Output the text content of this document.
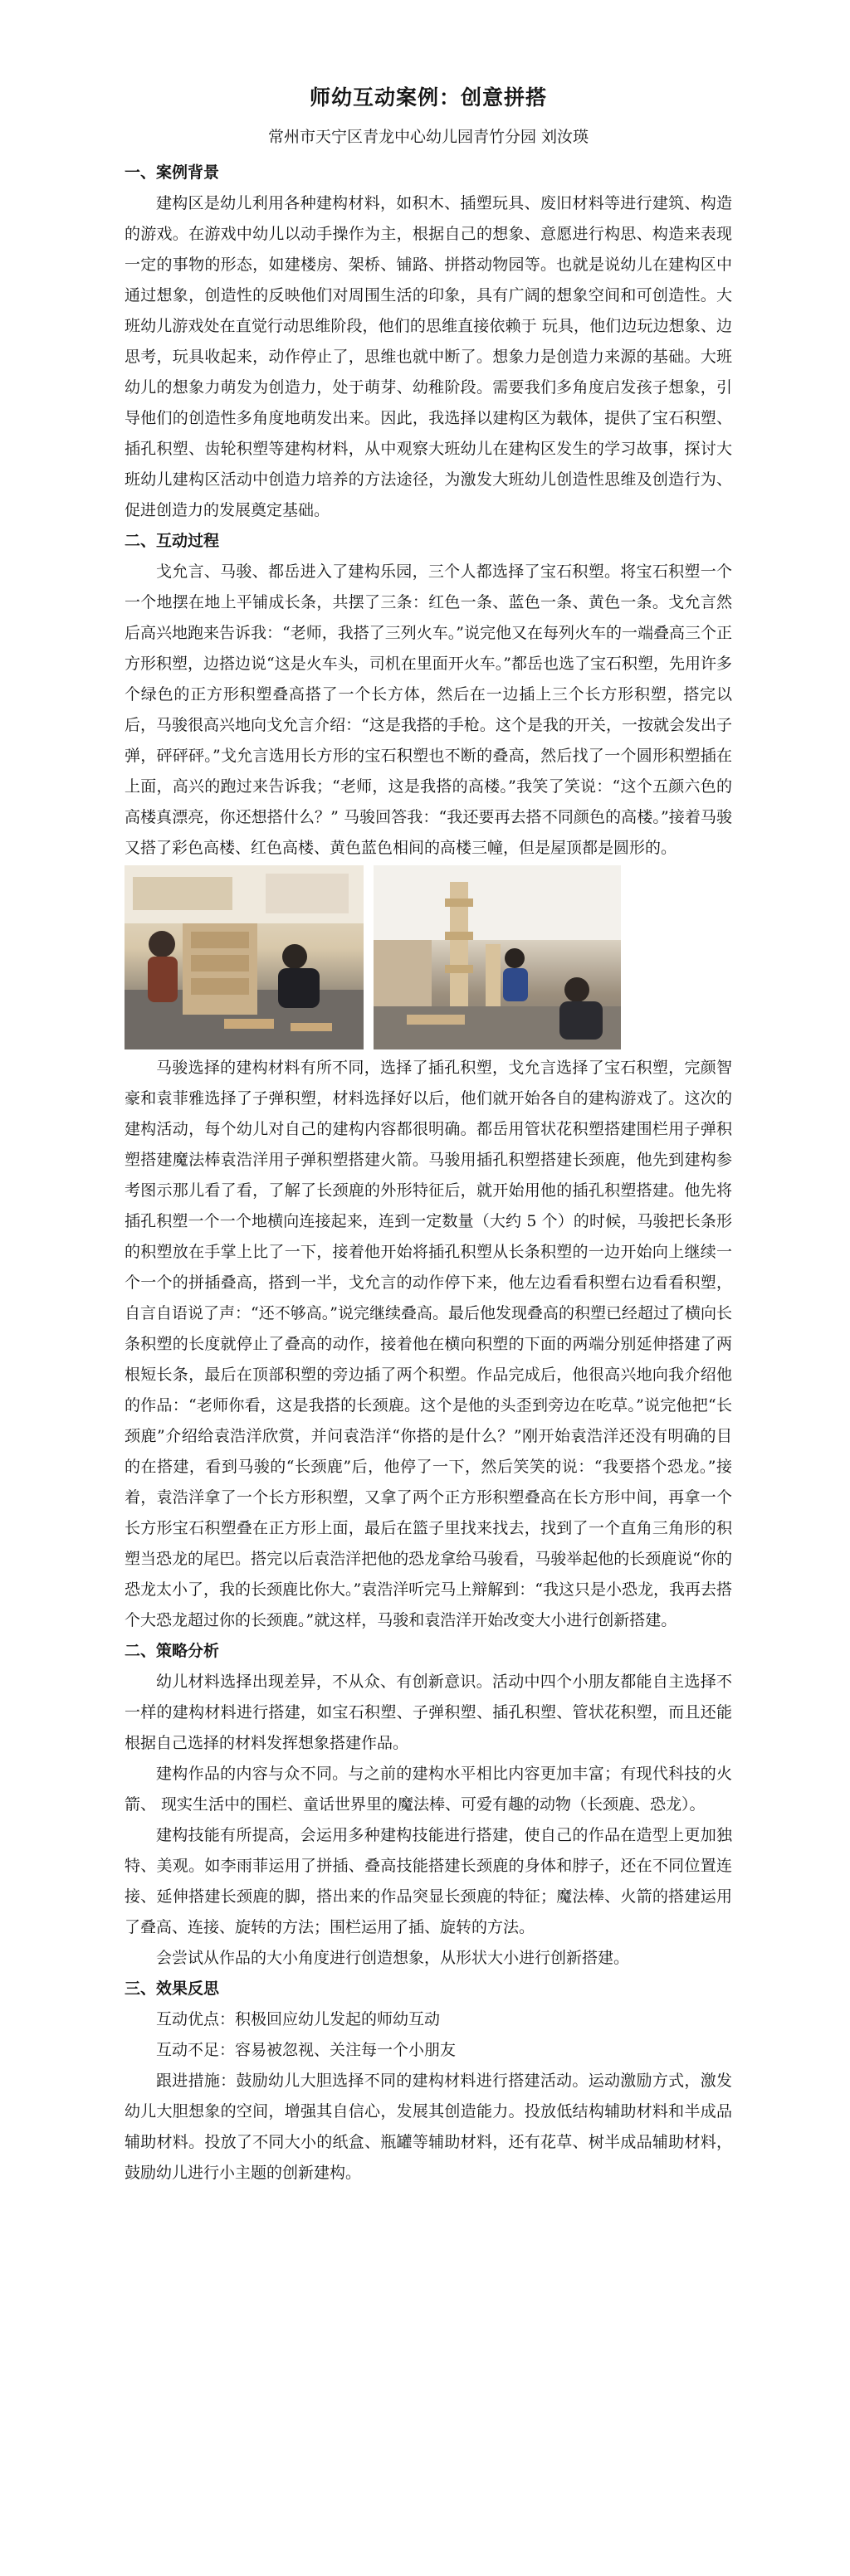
师幼互动案例：创意拼搭
常州市天宁区青龙中心幼儿园青竹分园 刘汝瑛
一、案例背景

建构区是幼儿利用各种建构材料，如积木、插塑玩具、废旧材料等进行建筑、构造的游戏。在游戏中幼儿以动手操作为主，根据自己的想象、意愿进行构思、构造来表现一定的事物的形态，如建楼房、架桥、铺路、拼搭动物园等。也就是说幼儿在建构区中通过想象，创造性的反映他们对周围生活的印象，具有广阔的想象空间和可创造性。大班幼儿游戏处在直觉行动思维阶段，他们的思维直接依赖于 玩具，他们边玩边想象、边思考，玩具收起来，动作停止了，思维也就中断了。想象力是创造力来源的基础。大班幼儿的想象力萌发为创造力，处于萌芽、幼稚阶段。需要我们多角度启发孩子想象，引导他们的创造性多角度地萌发出来。因此，我选择以建构区为载体，提供了宝石积塑、插孔积塑、齿轮积塑等建构材料，从中观察大班幼儿在建构区发生的学习故事，探讨大班幼儿建构区活动中创造力培养的方法途径，为激发大班幼儿创造性思维及创造行为、促进创造力的发展奠定基础。

二、互动过程

戈允言、马骏、都岳进入了建构乐园，三个人都选择了宝石积塑。将宝石积塑一个一个地摆在地上平铺成长条，共摆了三条：红色一条、蓝色一条、黄色一条。戈允言然后高兴地跑来告诉我：“老师，我搭了三列火车。”说完他又在每列火车的一端叠高三个正方形积塑，边搭边说“这是火车头，司机在里面开火车。”都岳也选了宝石积塑，先用许多个绿色的正方形积塑叠高搭了一个长方体，然后在一边插上三个长方形积塑，搭完以后，马骏很高兴地向戈允言介绍：“这是我搭的手枪。这个是我的开关，一按就会发出子弹，砰砰砰。”戈允言选用长方形的宝石积塑也不断的叠高，然后找了一个圆形积塑插在上面，高兴的跑过来告诉我；“老师，这是我搭的高楼。”我笑了笑说：“这个五颜六色的高楼真漂亮，你还想搭什么？” 马骏回答我：“我还要再去搭不同颜色的高楼。”接着马骏又搭了彩色高楼、红色高楼、黄色蓝色相间的高楼三幢，但是屋顶都是圆形的。

马骏选择的建构材料有所不同，选择了插孔积塑，戈允言选择了宝石积塑，完颜智豪和袁菲雅选择了子弹积塑，材料选择好以后，他们就开始各自的建构游戏了。这次的建构活动，每个幼儿对自己的建构内容都很明确。都岳用管状花积塑搭建围栏用子弹积塑搭建魔法棒袁浩洋用子弹积塑搭建火箭。马骏用插孔积塑搭建长颈鹿，他先到建构参考图示那儿看了看，了解了长颈鹿的外形特征后，就开始用他的插孔积塑搭建。他先将插孔积塑一个一个地横向连接起来，连到一定数量（大约 5 个）的时候，马骏把长条形的积塑放在手掌上比了一下，接着他开始将插孔积塑从长条积塑的一边开始向上继续一个一个的拼插叠高，搭到一半，戈允言的动作停下来，他左边看看积塑右边看看积塑，自言自语说了声：“还不够高。”说完继续叠高。最后他发现叠高的积塑已经超过了横向长条积塑的长度就停止了叠高的动作，接着他在横向积塑的下面的两端分别延伸搭建了两根短长条，最后在顶部积塑的旁边插了两个积塑。作品完成后，他很高兴地向我介绍他的作品：“老师你看，这是我搭的长颈鹿。这个是他的头歪到旁边在吃草。”说完他把“长颈鹿”介绍给袁浩洋欣赏，并问袁浩洋“你搭的是什么？”刚开始袁浩洋还没有明确的目的在搭建，看到马骏的“长颈鹿”后，他停了一下，然后笑笑的说：“我要搭个恐龙。”接着，袁浩洋拿了一个长方形积塑，又拿了两个正方形积塑叠高在长方形中间，再拿一个长方形宝石积塑叠在正方形上面，最后在篮子里找来找去，找到了一个直角三角形的积塑当恐龙的尾巴。搭完以后袁浩洋把他的恐龙拿给马骏看，马骏举起他的长颈鹿说“你的恐龙太小了，我的长颈鹿比你大。”袁浩洋听完马上辩解到：“我这只是小恐龙，我再去搭个大恐龙超过你的长颈鹿。”就这样，马骏和袁浩洋开始改变大小进行创新搭建。

二、策略分析

幼儿材料选择出现差异，不从众、有创新意识。活动中四个小朋友都能自主选择不一样的建构材料进行搭建，如宝石积塑、子弹积塑、插孔积塑、管状花积塑，而且还能根据自己选择的材料发挥想象搭建作品。

建构作品的内容与众不同。与之前的建构水平相比内容更加丰富；有现代科技的火箭、 现实生活中的围栏、童话世界里的魔法棒、可爱有趣的动物（长颈鹿、恐龙）。

建构技能有所提高，会运用多种建构技能进行搭建，使自己的作品在造型上更加独特、美观。如李雨菲运用了拼插、叠高技能搭建长颈鹿的身体和脖子，还在不同位置连接、延伸搭建长颈鹿的脚，搭出来的作品突显长颈鹿的特征；魔法棒、火箭的搭建运用了叠高、连接、旋转的方法；围栏运用了插、旋转的方法。

会尝试从作品的大小角度进行创造想象，从形状大小进行创新搭建。

三、效果反思

互动优点：积极回应幼儿发起的师幼互动

互动不足：容易被忽视、关注每一个小朋友

跟进措施：鼓励幼儿大胆选择不同的建构材料进行搭建活动。运动激励方式，激发幼儿大胆想象的空间，增强其自信心，发展其创造能力。投放低结构辅助材料和半成品辅助材料。投放了不同大小的纸盒、瓶罐等辅助材料，还有花草、树半成品辅助材料，鼓励幼儿进行小主题的创新建构。
